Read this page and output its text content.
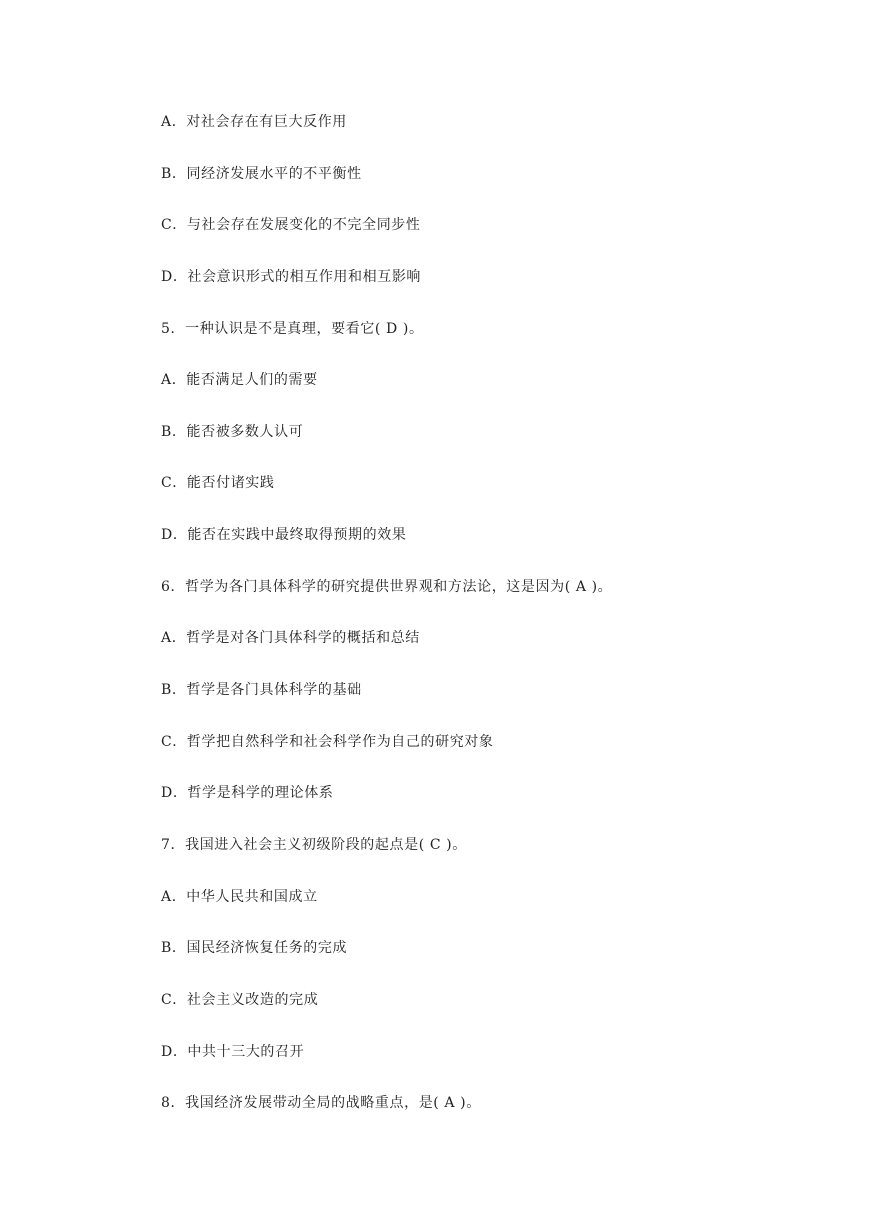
A．对社会存在有巨大反作用
B．同经济发展水平的不平衡性
C．与社会存在发展变化的不完全同步性
D．社会意识形式的相互作用和相互影响
5．一种认识是不是真理，要看它( D )。
A．能否满足人们的需要
B．能否被多数人认可
C．能否付诸实践
D．能否在实践中最终取得预期的效果
6．哲学为各门具体科学的研究提供世界观和方法论，这是因为( A )。
A．哲学是对各门具体科学的概括和总结
B．哲学是各门具体科学的基础
C．哲学把自然科学和社会科学作为自己的研究对象
D．哲学是科学的理论体系
7．我国进入社会主义初级阶段的起点是( C )。
A．中华人民共和国成立
B．国民经济恢复任务的完成
C．社会主义改造的完成
D．中共十三大的召开
8．我国经济发展带动全局的战略重点，是( A )。
